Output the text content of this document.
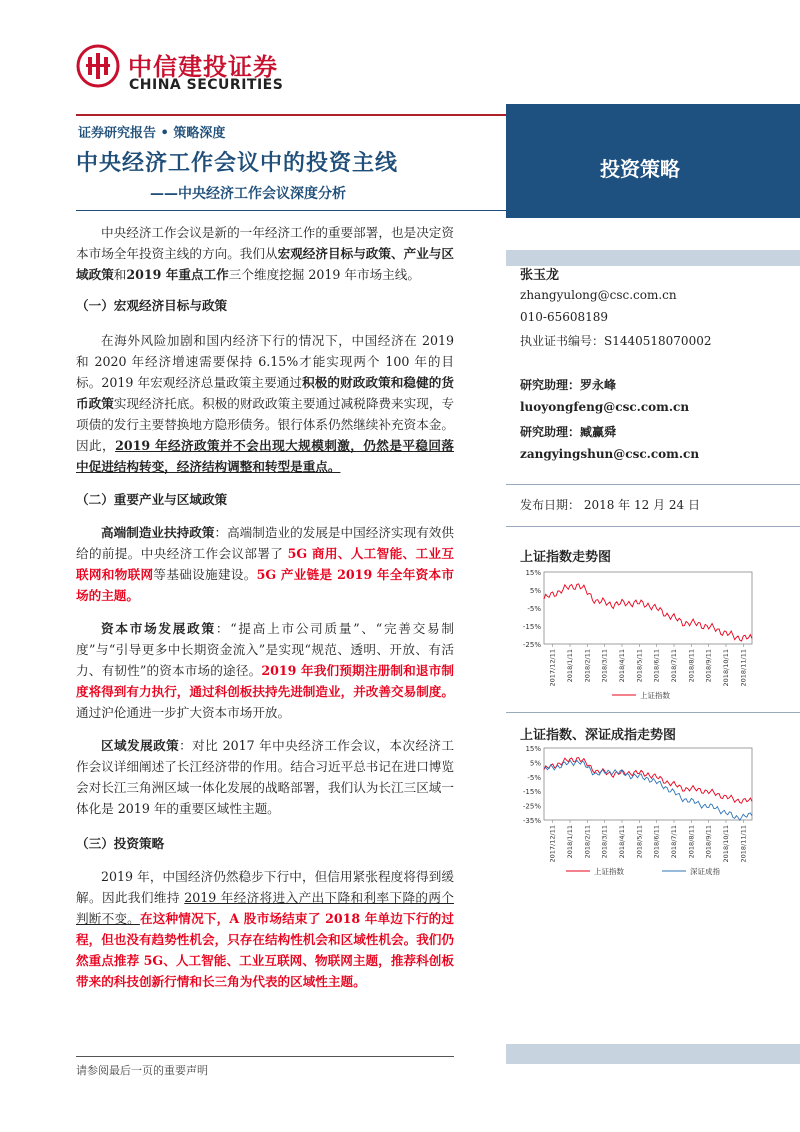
中信建投证券
CHINA SECURITIES
证券研究报告 • 策略深度
中央经济工作会议中的投资主线
——中央经济工作会议深度分析
投资策略
张玉龙
zhangyulong@csc.com.cn
010-65608189
执业证书编号：S1440518070002
研究助理：罗永峰
luoyongfeng@csc.com.cn
研究助理：臧赢舜
zangyingshun@csc.com.cn
发布日期： 2018 年 12 月 24 日
上证指数走势图
15%
5%
-5%
-15%
-25%
2017/12/11 2018/1/11 2018/2/11 2018/3/11 2018/4/11 2018/5/11 2018/6/11 2018/7/11 2018/8/11 2018/9/11 2018/10/11 2018/11/11
上证指数
上证指数、深证成指走势图
15%
5%
-5%
-15%
-25%
-35%
2017/12/11 2018/1/11 2018/2/11 2018/3/11 2018/4/11 2018/5/11 2018/6/11 2018/7/11 2018/8/11 2018/9/11 2018/10/11 2018/11/11
上证指数	深证成指

中央经济工作会议是新的一年经济工作的重要部署，也是决定资本市场全年投资主线的方向。我们从宏观经济目标与政策、产业与区域政策和2019 年重点工作三个维度挖掘 2019 年市场主线。

（一）宏观经济目标与政策

在海外风险加剧和国内经济下行的情况下，中国经济在 2019 和 2020 年经济增速需要保持 6.15%才能实现两个 100 年的目标。2019 年宏观经济总量政策主要通过积极的财政政策和稳健的货币政策实现经济托底。积极的财政政策主要通过减税降费来实现，专项债的发行主要替换地方隐形债务。银行体系仍然继续补充资本金。因此，2019 年经济政策并不会出现大规模刺激，仍然是平稳回落中促进结构转变，经济结构调整和转型是重点。

（二）重要产业与区域政策

高端制造业扶持政策：高端制造业的发展是中国经济实现有效供给的前提。中央经济工作会议部署了 5G 商用、人工智能、工业互联网和物联网等基础设施建设。5G 产业链是 2019 年全年资本市场的主题。

资本市场发展政策：“提高上市公司质量”、“完善交易制度”与“引导更多中长期资金流入”是实现“规范、透明、开放、有活力、有韧性”的资本市场的途径。2019 年我们预期注册制和退市制度将得到有力执行，通过科创板扶持先进制造业，并改善交易制度。通过沪伦通进一步扩大资本市场开放。

区域发展政策：对比 2017 年中央经济工作会议，本次经济工作会议详细阐述了长江经济带的作用。结合习近平总书记在进口博览会对长江三角洲区域一体化发展的战略部署，我们认为长江三区域一体化是 2019 年的重要区域性主题。

（三）投资策略

2019 年，中国经济仍然稳步下行中，但信用紧张程度将得到缓解。因此我们维持 2019 年经济将进入产出下降和利率下降的两个判断不变。在这种情况下，A 股市场结束了 2018 年单边下行的过程，但也没有趋势性机会，只存在结构性机会和区域性机会。我们仍然重点推荐 5G、人工智能、工业互联网、物联网主题，推荐科创板带来的科技创新行情和长三角为代表的区域性主题。

请参阅最后一页的重要声明
